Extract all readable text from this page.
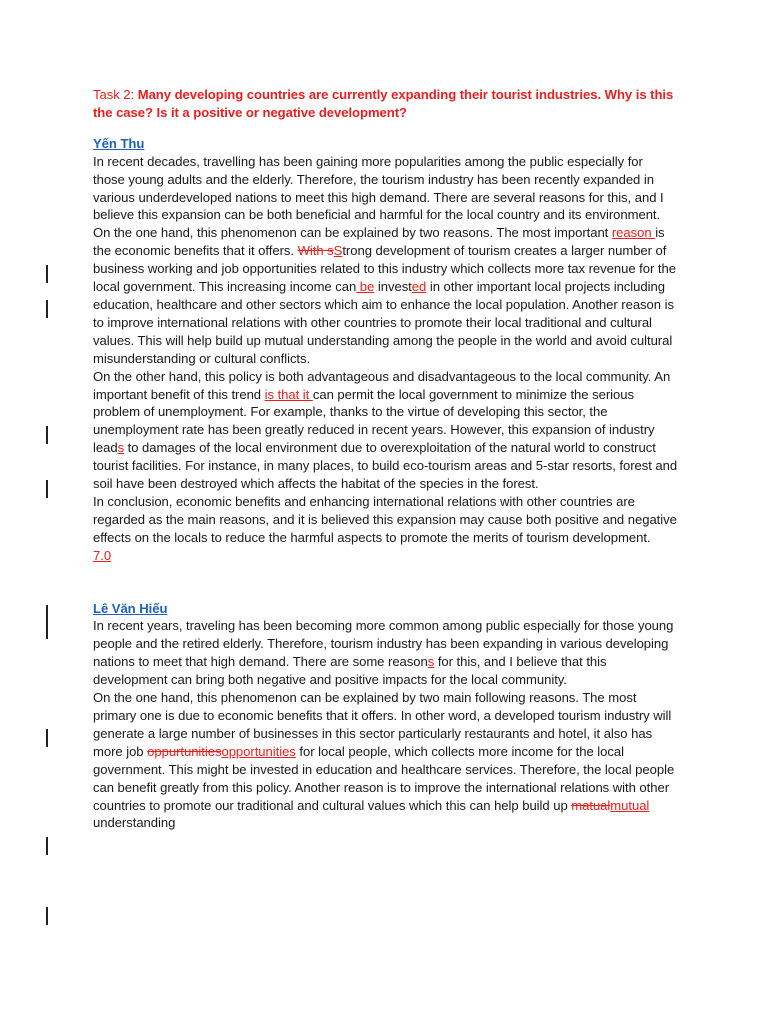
Task 2: Many developing countries are currently expanding their tourist industries. Why is this the case? Is it a positive or negative development?

Yến Thu

In recent decades, travelling has been gaining more popularities among the public especially for those young adults and the elderly. Therefore, the tourism industry has been recently expanded in various underdeveloped nations to meet this high demand. There are several reasons for this, and I believe this expansion can be both beneficial and harmful for the local country and its environment.

On the one hand, this phenomenon can be explained by two reasons. The most important reason is the economic benefits that it offers. With sStrong development of tourism creates a larger number of business working and job opportunities related to this industry which collects more tax revenue for the local government. This increasing income can be invested in other important local projects including education, healthcare and other sectors which aim to enhance the local population. Another reason is to improve international relations with other countries to promote their local traditional and cultural values. This will help build up mutual understanding among the people in the world and avoid cultural misunderstanding or cultural conflicts.

On the other hand, this policy is both advantageous and disadvantageous to the local community. An important benefit of this trend is that it can permit the local government to minimize the serious problem of unemployment. For example, thanks to the virtue of developing this sector, the unemployment rate has been greatly reduced in recent years. However, this expansion of industry leads to damages of the local environment due to overexploitation of the natural world to construct tourist facilities. For instance, in many places, to build eco-tourism areas and 5-star resorts, forest and soil have been destroyed which affects the habitat of the species in the forest.

In conclusion, economic benefits and enhancing international relations with other countries are regarded as the main reasons, and it is believed this expansion may cause both positive and negative effects on the locals to reduce the harmful aspects to promote the merits of tourism development.

7.0

Lê Văn Hiếu

In recent years, traveling has been becoming more common among public especially for those young people and the retired elderly. Therefore, tourism industry has been expanding in various developing nations to meet that high demand. There are some reasons for this, and I believe that this development can bring both negative and positive impacts for the local community.

On the one hand, this phenomenon can be explained by two main following reasons. The most primary one is due to economic benefits that it offers. In other word, a developed tourism industry will generate a large number of businesses in this sector particularly restaurants and hotel, it also has more job oppurtunitiesopportunities for local people, which collects more income for the local government. This might be invested in education and healthcare services. Therefore, the local people can benefit greatly from this policy. Another reason is to improve the international relations with other countries to promote our traditional and cultural values which this can help build up matualmutual understanding
